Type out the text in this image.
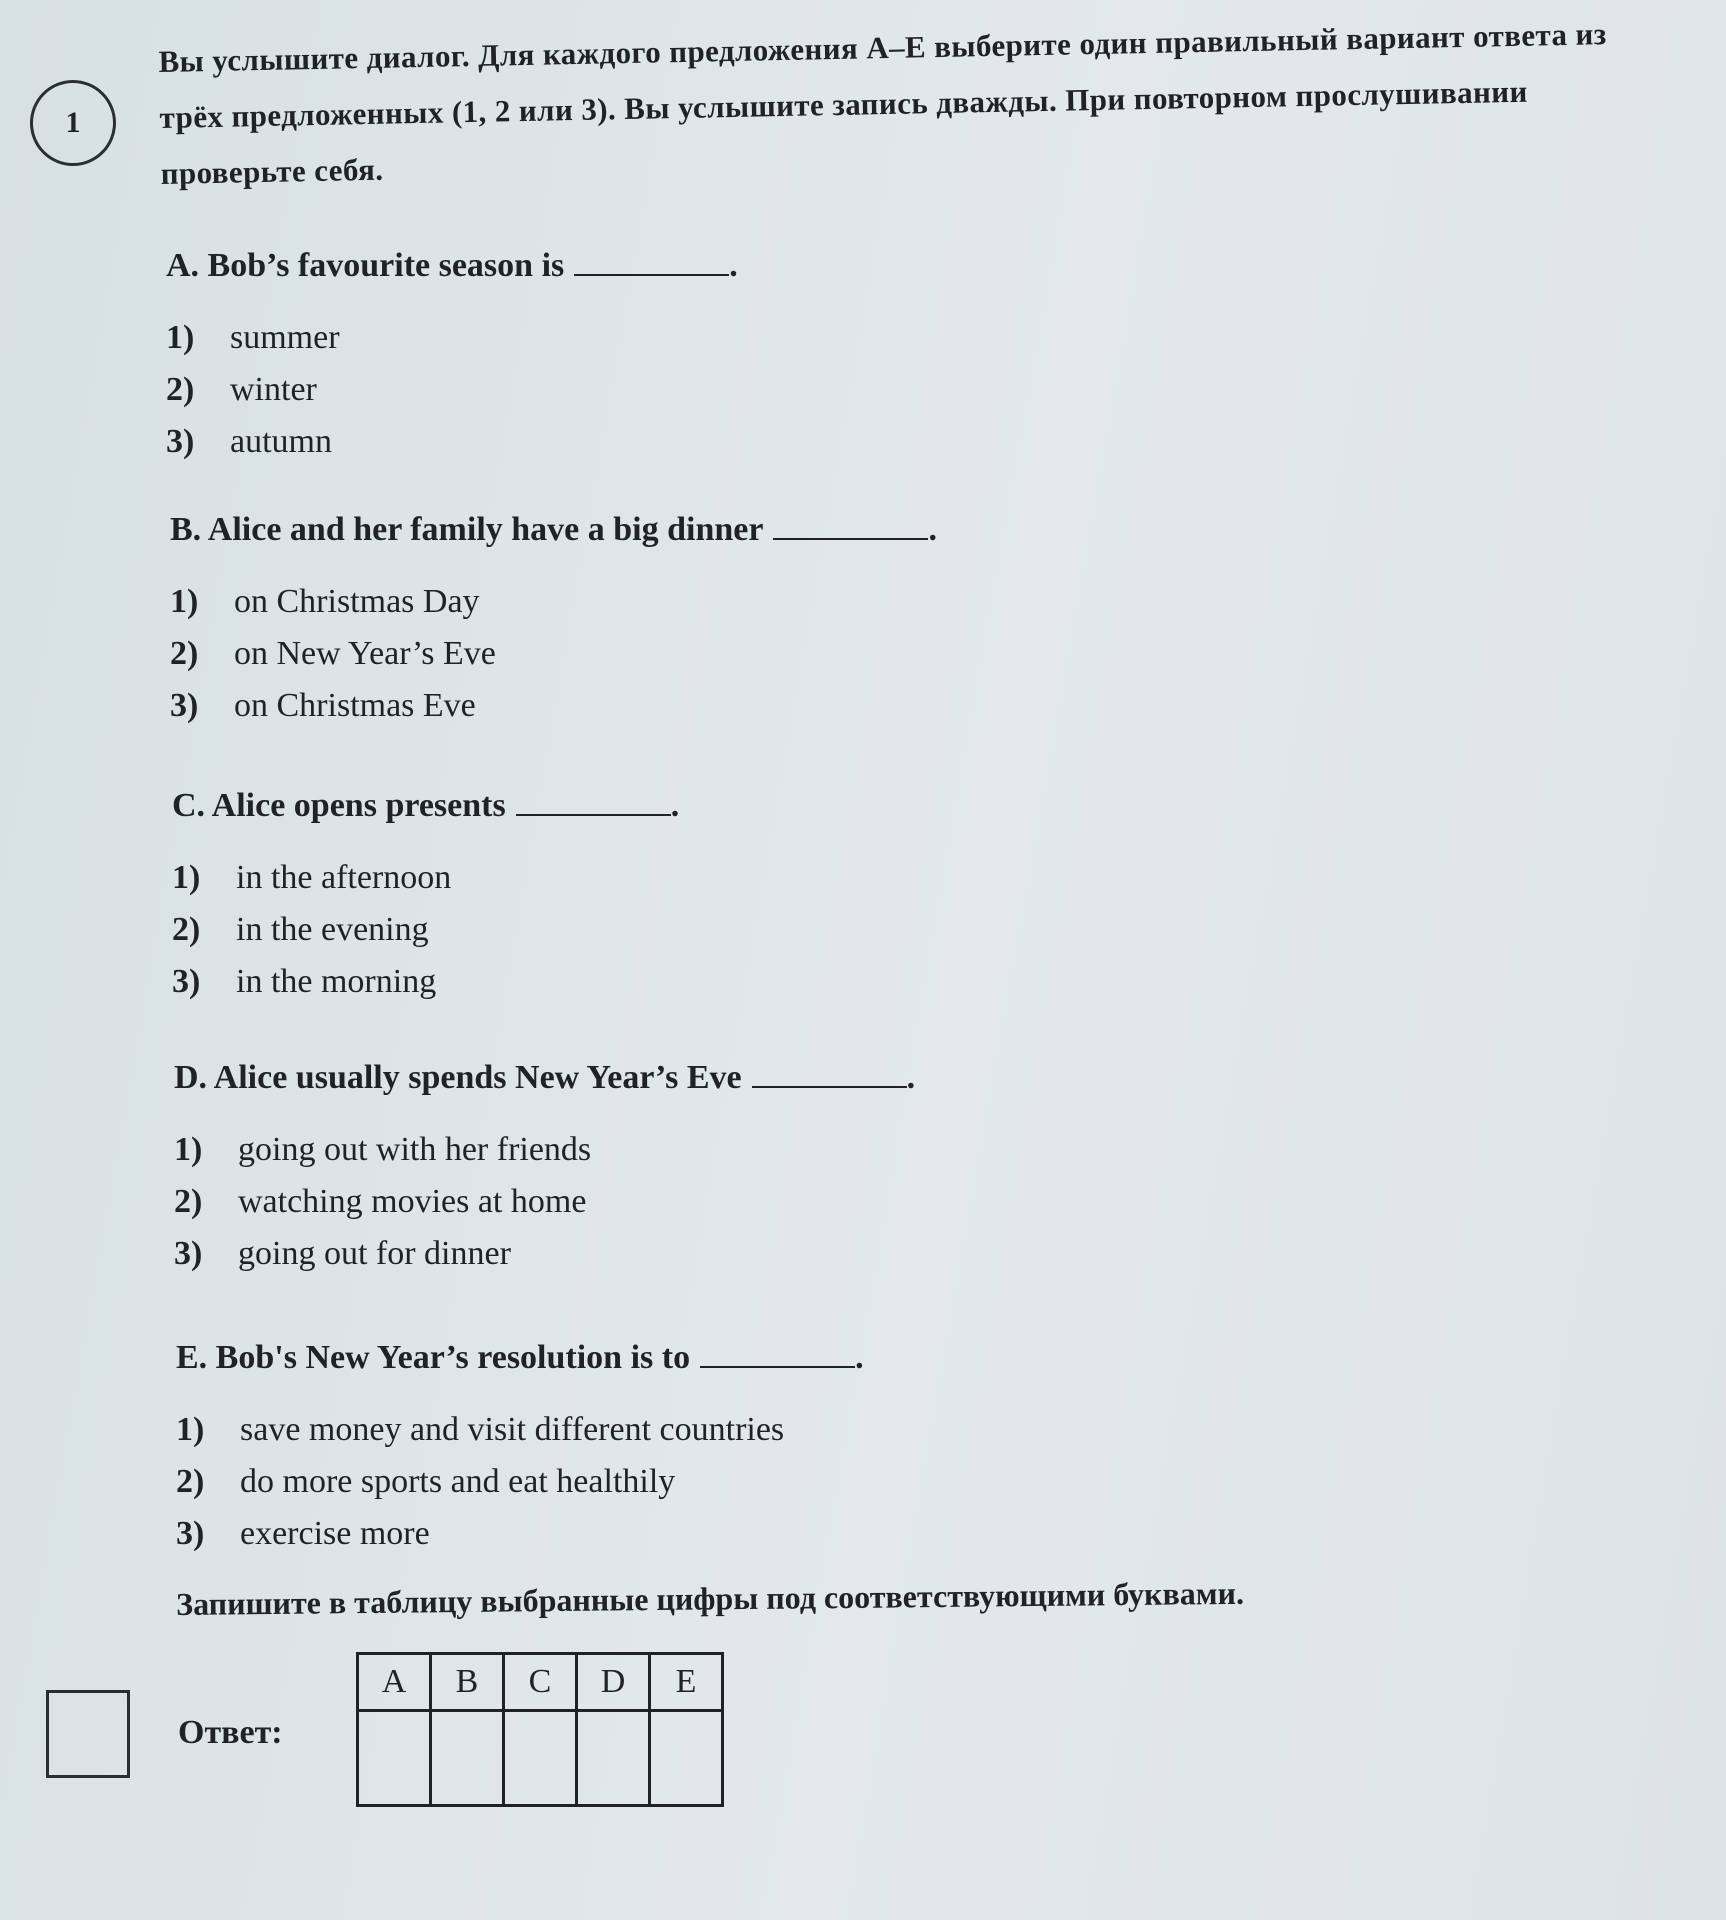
1
Вы услышите диалог. Для каждого предложения A–E выберите один правильный вариант ответа из трёх предложенных (1, 2 или 3). Вы услышите запись дважды. При повторном прослушивании проверьте себя.
A. Bob’s favourite season is	.
1)	summer
2)	winter
3)	autumn
B. Alice and her family have a big dinner	.
1)	on Christmas Day
2)	on New Year’s Eve
3)	on Christmas Eve
C. Alice opens presents	.
1)	in the afternoon
2)	in the evening
3)	in the morning
D. Alice usually spends New Year’s Eve	.
1)	going out with her friends
2)	watching movies at home
3)	going out for dinner
E. Bob's New Year’s resolution is to	.
1)	save money and visit different countries
2)	do more sports and eat healthily
3)	exercise more
Запишите в таблицу выбранные цифры под соответствующими буквами.
Ответ:
A	B	C	D	E
